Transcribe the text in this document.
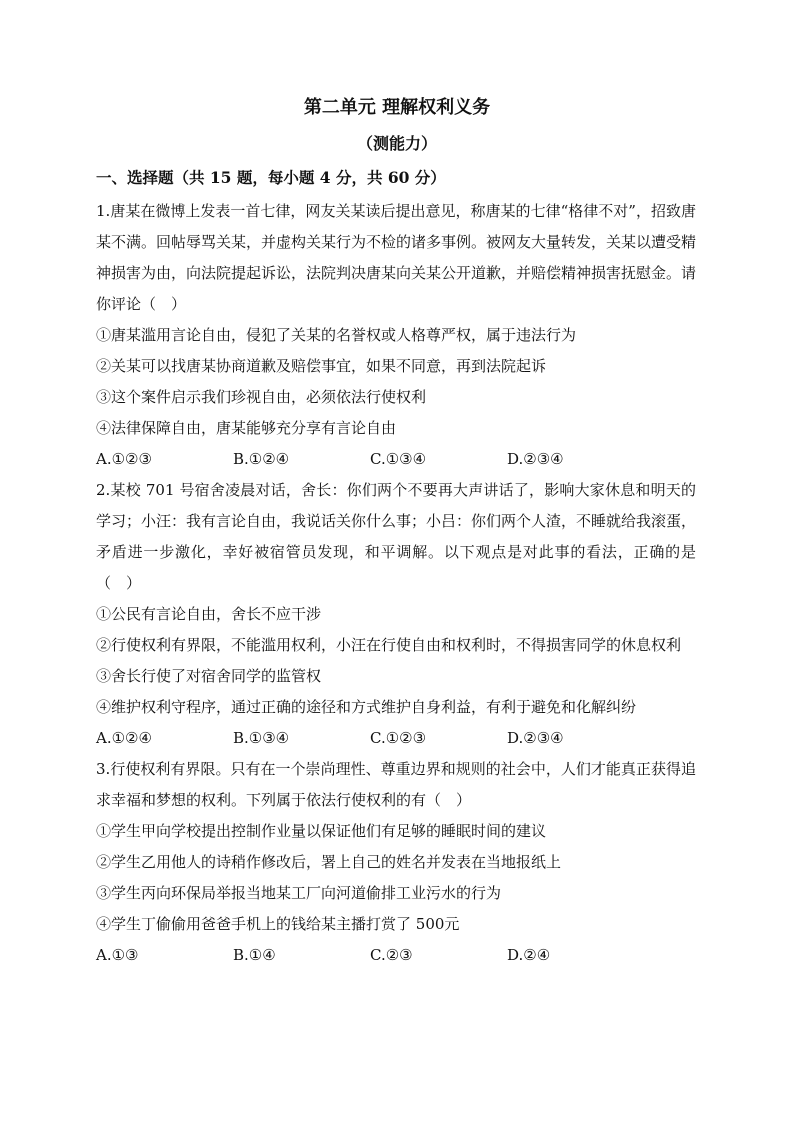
第二单元 理解权利义务
（测能力）
一、选择题（共 15 题，每小题 4 分，共 60 分）

1.唐某在微博上发表一首七律，网友关某读后提出意见，称唐某的七律“格律不对”，招致唐某不满。回帖辱骂关某，并虚构关某行为不检的诸多事例。被网友大量转发，关某以遭受精神损害为由，向法院提起诉讼，法院判决唐某向关某公开道歉，并赔偿精神损害抚慰金。请你评论（　）

①唐某滥用言论自由，侵犯了关某的名誉权或人格尊严权，属于违法行为

②关某可以找唐某协商道歉及赔偿事宜，如果不同意，再到法院起诉

③这个案件启示我们珍视自由，必须依法行使权利

④法律保障自由，唐某能够充分享有言论自由

A.①②③	B.①②④	C.①③④	D.②③④

2.某校 701 号宿舍凌晨对话，舍长：你们两个不要再大声讲话了，影响大家休息和明天的学习；小汪：我有言论自由，我说话关你什么事；小吕：你们两个人渣，不睡就给我滚蛋，矛盾进一步激化，幸好被宿管员发现，和平调解。以下观点是对此事的看法，正确的是（　）

①公民有言论自由，舍长不应干涉

②行使权利有界限，不能滥用权利，小汪在行使自由和权利时，不得损害同学的休息权利

③舍长行使了对宿舍同学的监管权

④维护权利守程序，通过正确的途径和方式维护自身利益，有利于避免和化解纠纷

A.①②④	B.①③④	C.①②③	D.②③④

3.行使权利有界限。只有在一个崇尚理性、尊重边界和规则的社会中，人们才能真正获得追求幸福和梦想的权利。下列属于依法行使权利的有（　）

①学生甲向学校提出控制作业量以保证他们有足够的睡眠时间的建议

②学生乙用他人的诗稍作修改后，署上自己的姓名并发表在当地报纸上

③学生丙向环保局举报当地某工厂向河道偷排工业污水的行为

④学生丁偷偷用爸爸手机上的钱给某主播打赏了 500元

A.①③	B.①④	C.②③	D.②④
